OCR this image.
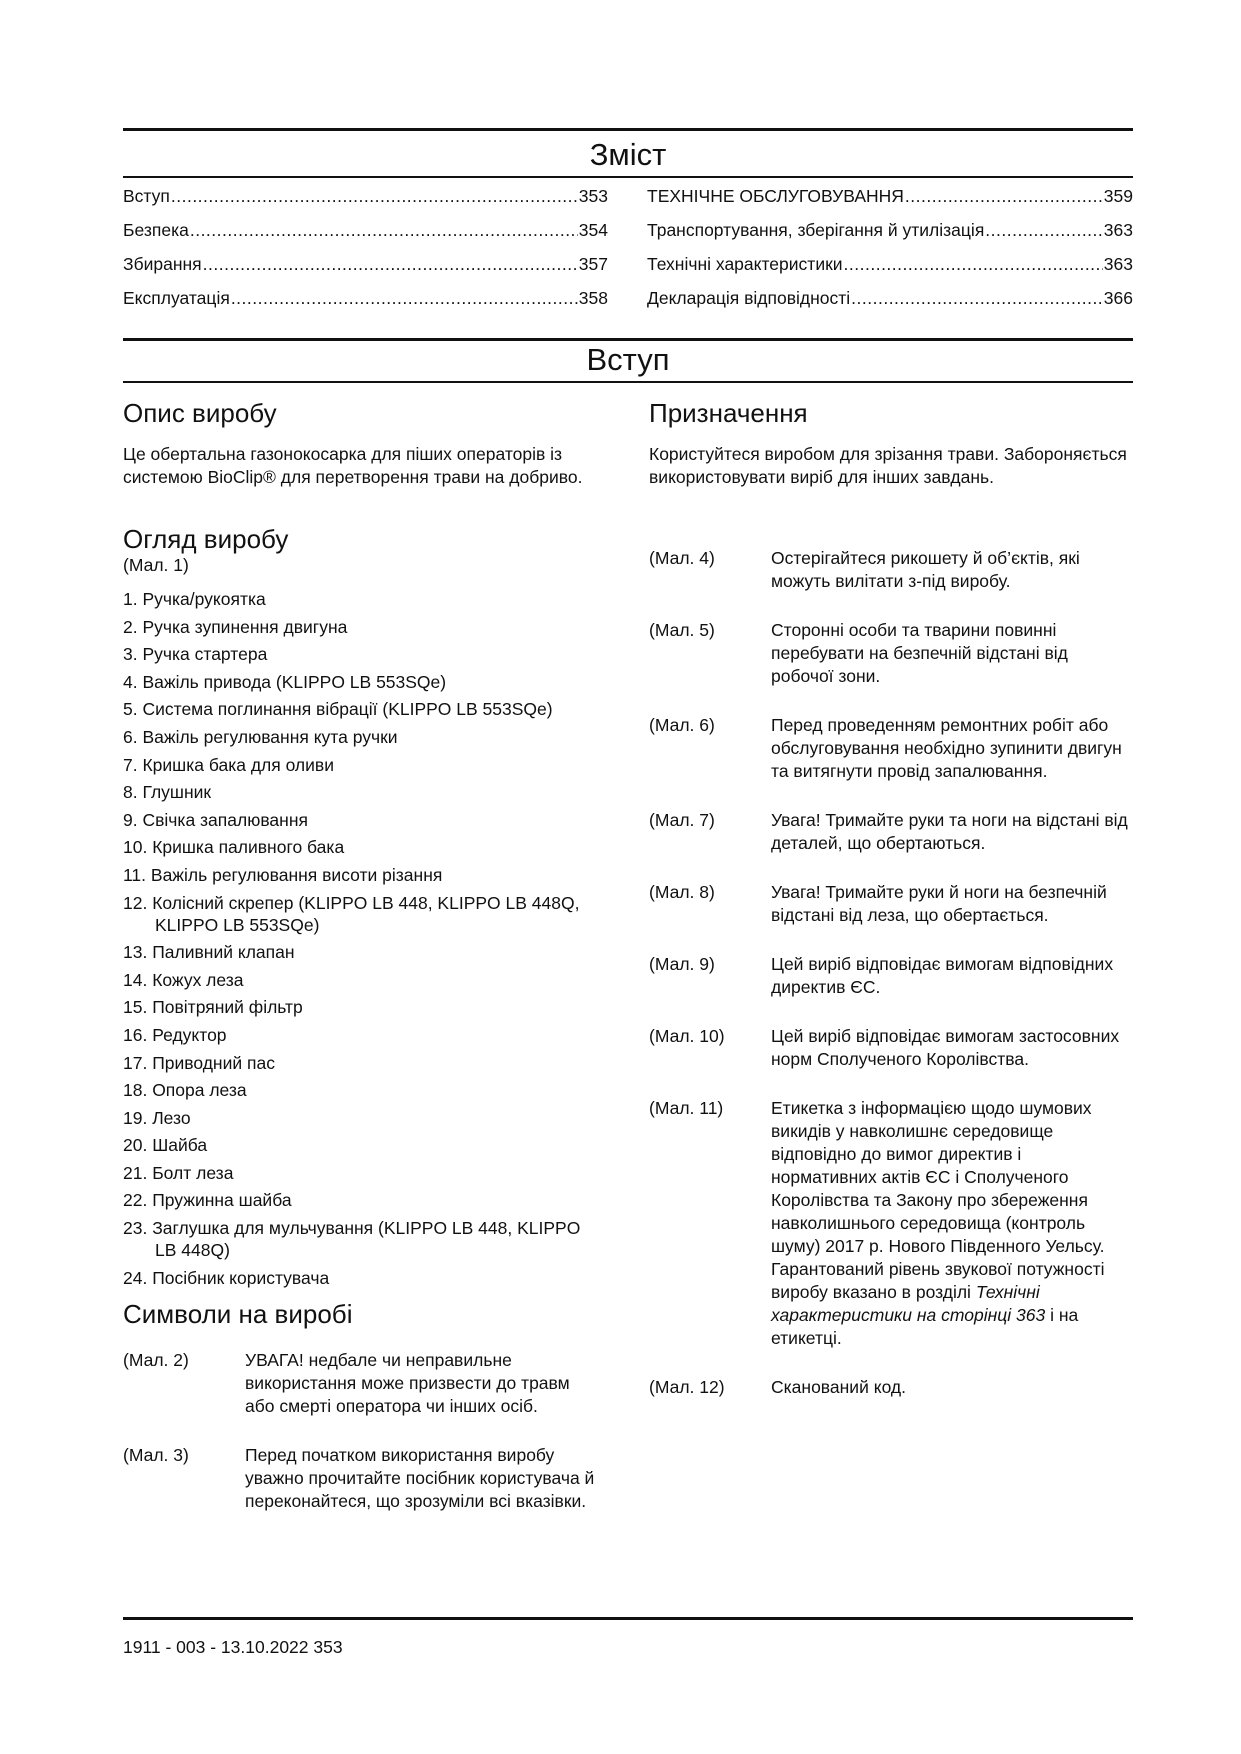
Зміст
Вступ .....	353
Безпека .....	354
Збирання .....	357
Експлуатація .....	358
ТЕХНІЧНЕ ОБСЛУГОВУВАННЯ .....	359
Транспортування, зберігання й утилізація .....	363
Технічні характеристики .....	363
Декларація відповідності .....	366
Вступ
Опис виробу

Це обертальна газонокосарка для піших операторів із системою BioClip® для перетворення трави на добриво.

Огляд виробу

(Мал. 1)

1. Ручка/рукоятка
2. Ручка зупинення двигуна
3. Ручка стартера
4. Важіль привода (KLIPPO LB 553SQe)
5. Система поглинання вібрації (KLIPPO LB 553SQe)
6. Важіль регулювання кута ручки
7. Кришка бака для оливи
8. Глушник
9. Свічка запалювання
10. Кришка паливного бака
11. Важіль регулювання висоти різання
12. Колісний скрепер (KLIPPO LB 448, KLIPPO LB 448Q, KLIPPO LB 553SQe)
13. Паливний клапан
14. Кожух леза
15. Повітряний фільтр
16. Редуктор
17. Приводний пас
18. Опора леза
19. Лезо
20. Шайба
21. Болт леза
22. Пружинна шайба
23. Заглушка для мульчування (KLIPPO LB 448, KLIPPO LB 448Q)
24. Посібник користувача
Символи на виробі
(Мал. 2)	УВАГА! недбале чи неправильне використання може призвести до травм або смерті оператора чи інших осіб.
(Мал. 3)	Перед початком використання виробу уважно прочитайте посібник користувача й переконайтеся, що зрозуміли всі вказівки.
Призначення

Користуйтеся виробом для зрізання трави. Забороняється використовувати виріб для інших завдань.

(Мал. 4)	Остерігайтеся рикошету й об’єктів, які можуть вилітати з-під виробу.
(Мал. 5)	Сторонні особи та тварини повинні перебувати на безпечній відстані від робочої зони.
(Мал. 6)	Перед проведенням ремонтних робіт або обслуговування необхідно зупинити двигун та витягнути провід запалювання.
(Мал. 7)	Увага! Тримайте руки та ноги на відстані від деталей, що обертаються.
(Мал. 8)	Увага! Тримайте руки й ноги на безпечній відстані від леза, що обертається.
(Мал. 9)	Цей виріб відповідає вимогам відповідних директив ЄС.
(Мал. 10)	Цей виріб відповідає вимогам застосовних норм Сполученого Королівства.
(Мал. 11)	Етикетка з інформацією щодо шумових викидів у навколишнє середовище відповідно до вимог директив і нормативних актів ЄС і Сполученого Королівства та Закону про збереження навколишнього середовища (контроль шуму) 2017 р. Нового Південного Уельсу. Гарантований рівень звукової потужності виробу вказано в розділі Технічні характеристики на сторінці 363 і на етикетці.
(Мал. 12)	Сканований код.
1911 - 003 - 13.10.2022 353
